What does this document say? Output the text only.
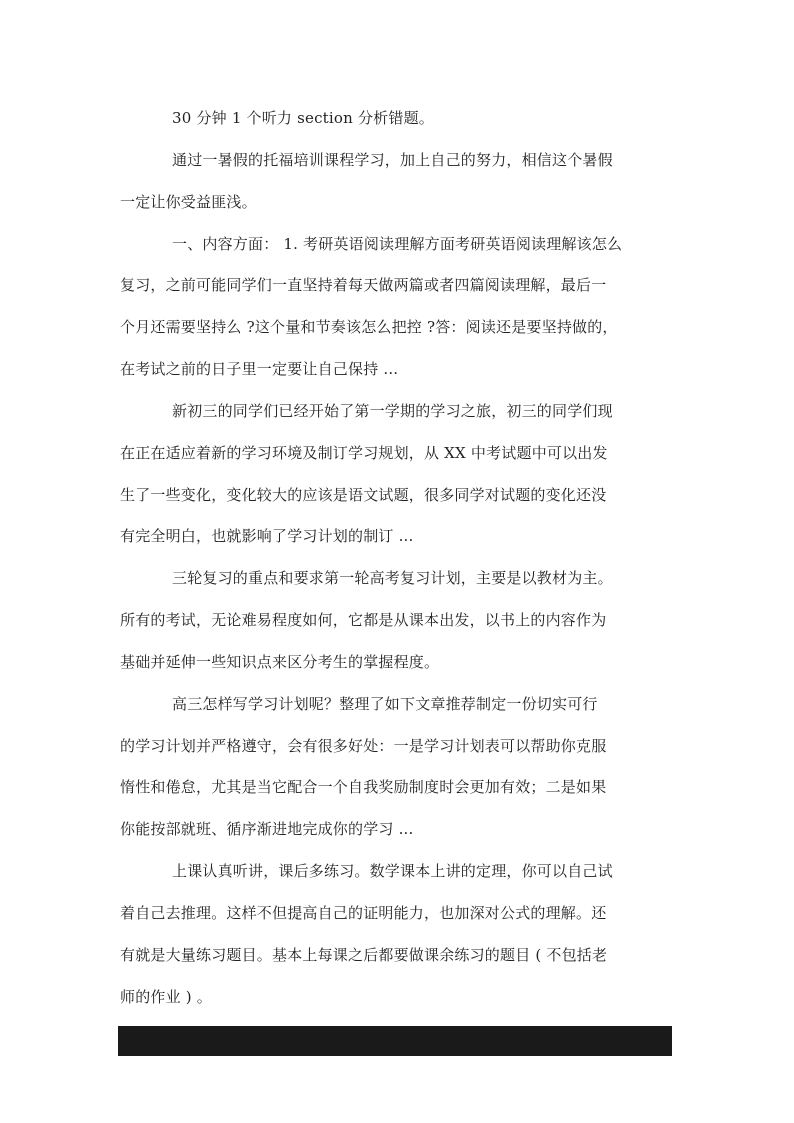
30 分钟 1 个听力 section 分析错题。
通过一暑假的托福培训课程学习，加上自己的努力，相信这个暑假
一定让你受益匪浅。
一、内容方面： 1. 考研英语阅读理解方面考研英语阅读理解该怎么
复习，之前可能同学们一直坚持着每天做两篇或者四篇阅读理解，最后一
个月还需要坚持么 ?这个量和节奏该怎么把控 ?答：阅读还是要坚持做的，
在考试之前的日子里一定要让自己保持 ...
新初三的同学们已经开始了第一学期的学习之旅，初三的同学们现
在正在适应着新的学习环境及制订学习规划，从 XX 中考试题中可以出发
生了一些变化，变化较大的应该是语文试题，很多同学对试题的变化还没
有完全明白，也就影响了学习计划的制订 ...
三轮复习的重点和要求第一轮高考复习计划，主要是以教材为主。
所有的考试，无论难易程度如何，它都是从课本出发，以书上的内容作为
基础并延伸一些知识点来区分考生的掌握程度。
高三怎样写学习计划呢？整理了如下文章推荐制定一份切实可行
的学习计划并严格遵守，会有很多好处：一是学习计划表可以帮助你克服
惰性和倦怠，尤其是当它配合一个自我奖励制度时会更加有效；二是如果
你能按部就班、循序渐进地完成你的学习 ...
上课认真听讲，课后多练习。数学课本上讲的定理，你可以自己试
着自己去推理。这样不但提高自己的证明能力，也加深对公式的理解。还
有就是大量练习题目。基本上每课之后都要做课余练习的题目 ( 不包括老
师的作业 ) 。
